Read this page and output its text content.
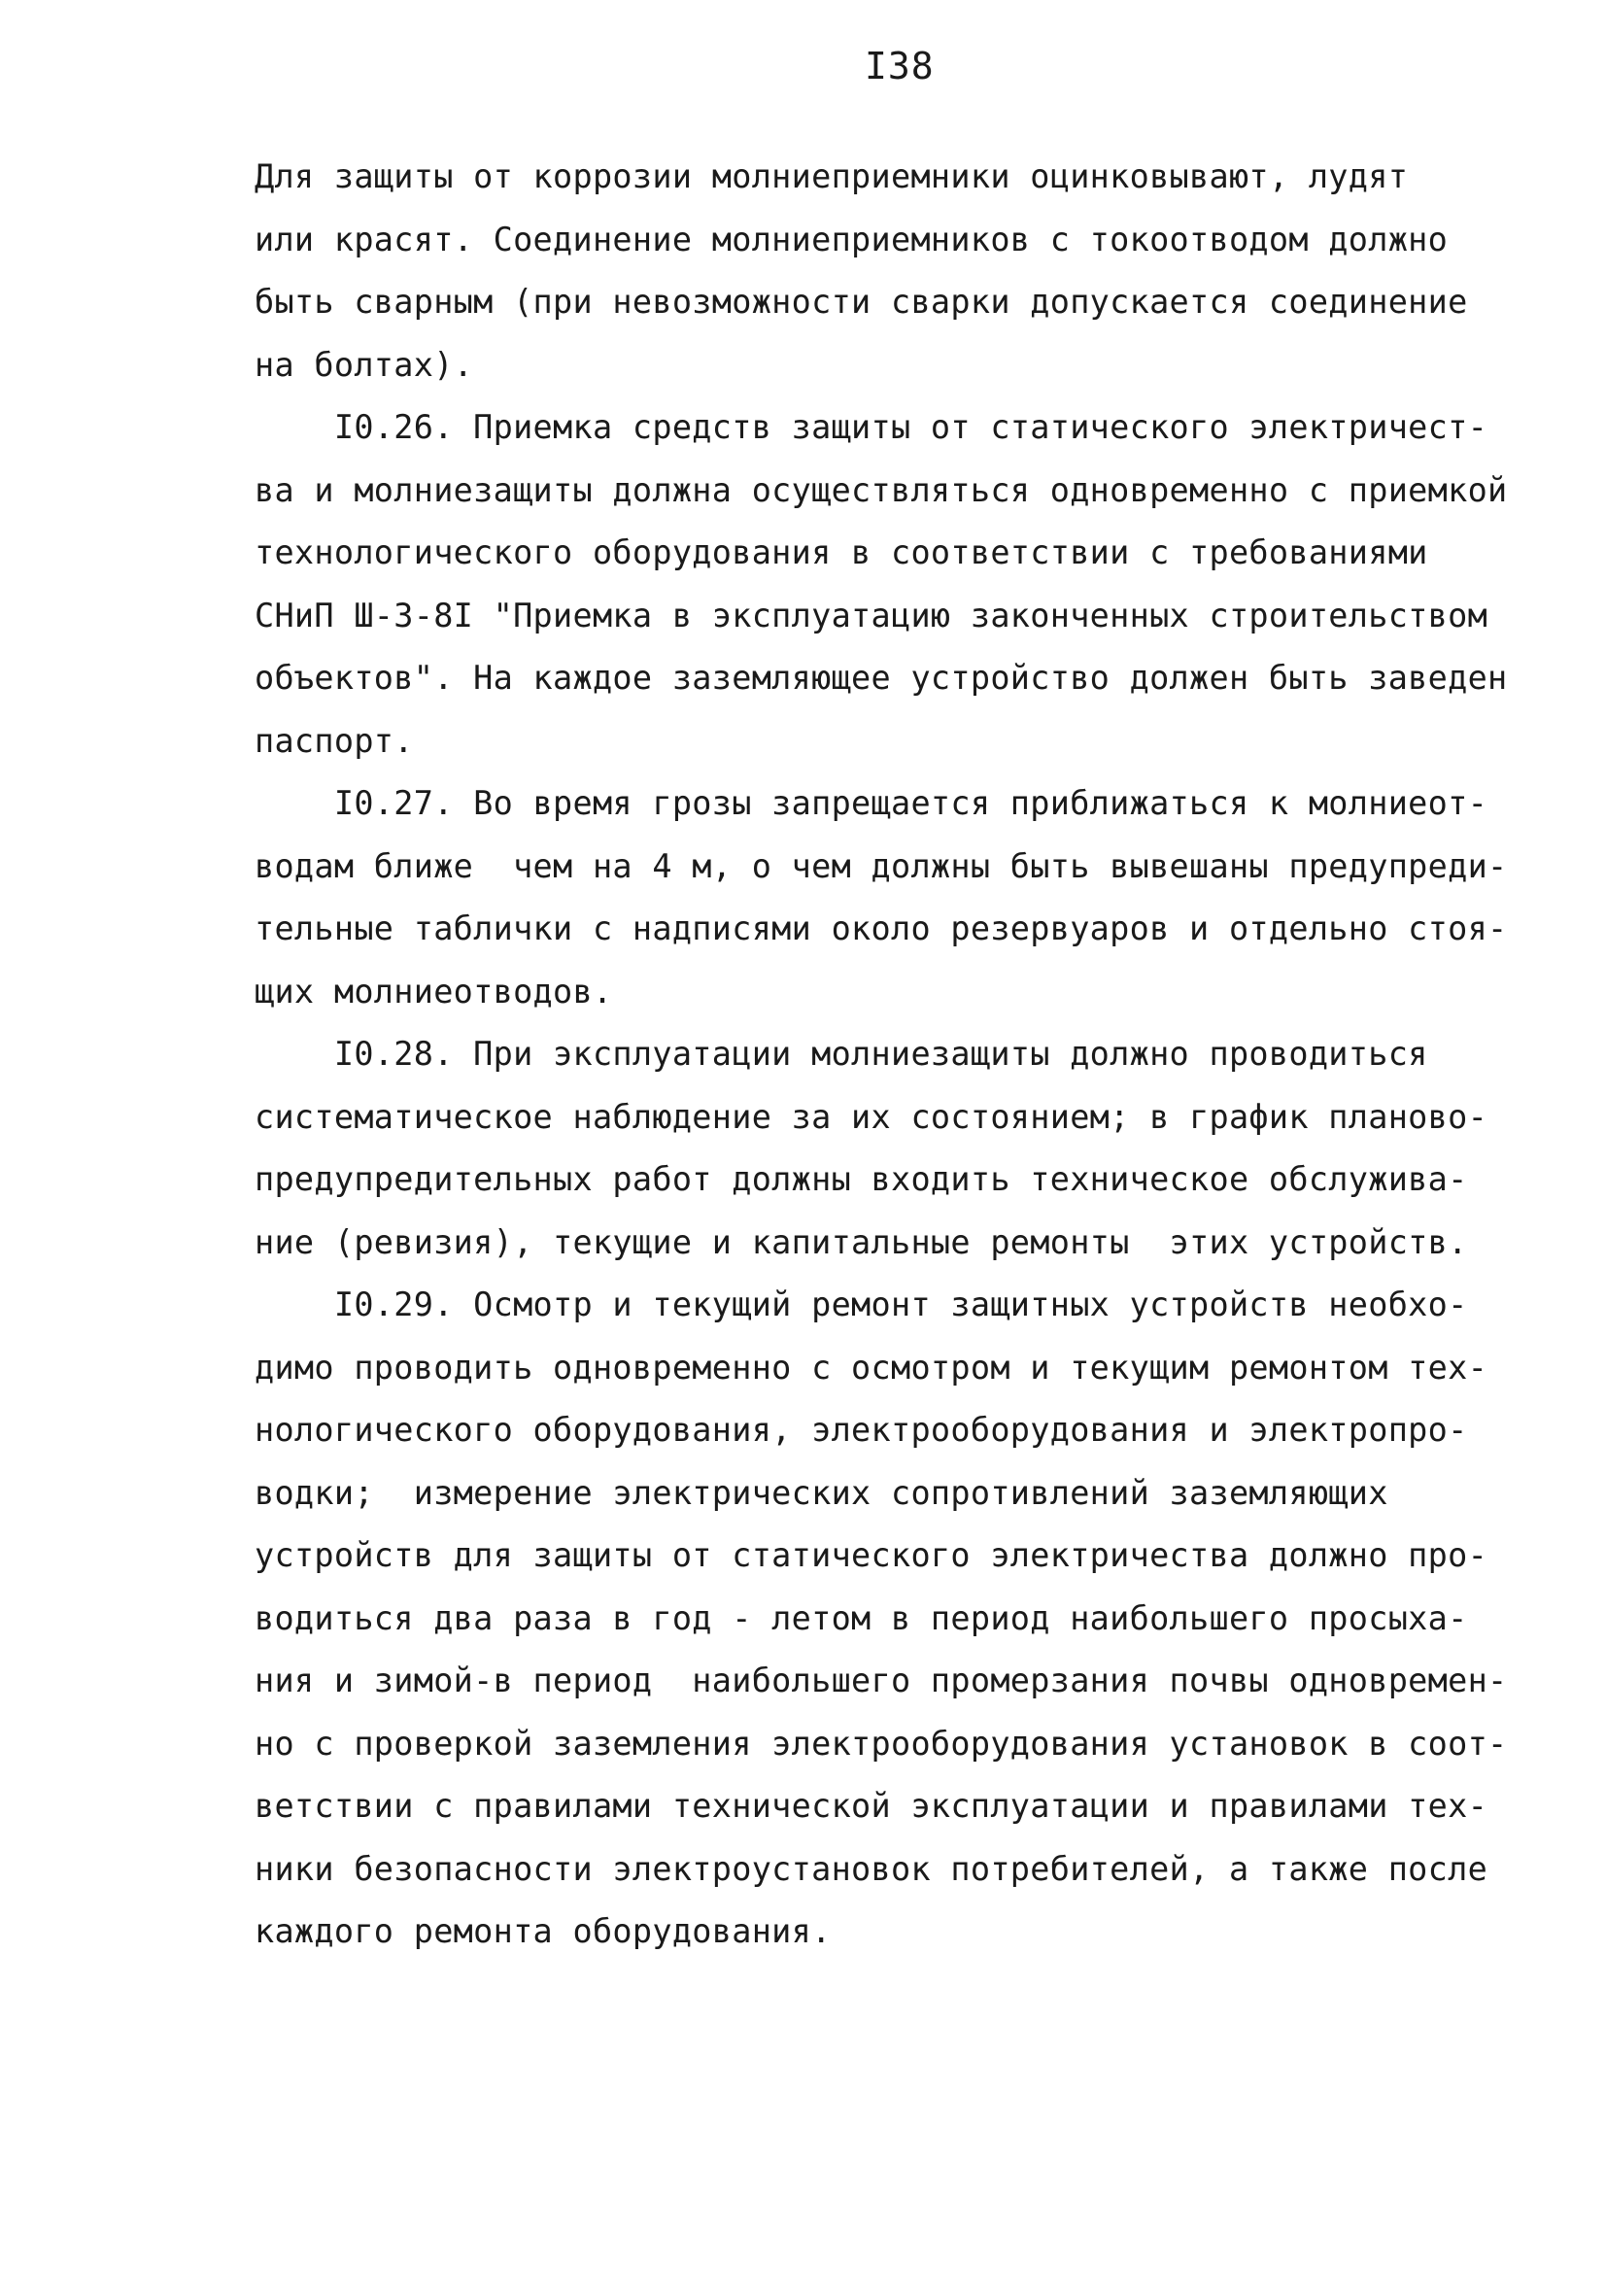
I38
Для защиты от коррозии молниеприемники оцинковывают, лудят
или красят. Соединение молниеприемников с токоотводом должно
быть сварным (при невозможности сварки допускается соединение
на болтах).
I0.26. Приемка средств защиты от статического электричест-
ва и молниезащиты должна осуществляться одновременно с приемкой
технологического оборудования в соответствии с требованиями
СНиП Ш-3-8I "Приемка в эксплуатацию законченных строительством
объектов". На каждое заземляющее устройство должен быть заведен
паспорт.
I0.27. Во время грозы запрещается приближаться к молниеот-
водам ближе  чем на 4 м, о чем должны быть вывешаны предупреди-
тельные таблички с надписями около резервуаров и отдельно стоя-
щих молниеотводов.
I0.28. При эксплуатации молниезащиты должно проводиться
систематическое наблюдение за их состоянием; в график планово-
предупредительных работ должны входить техническое обслужива-
ние (ревизия), текущие и капитальные ремонты  этих устройств.
I0.29. Осмотр и текущий ремонт защитных устройств необхо-
димо проводить одновременно с осмотром и текущим ремонтом тех-
нологического оборудования, электрооборудования и электропро-
водки;  измерение электрических сопротивлений заземляющих
устройств для защиты от статического электричества должно про-
водиться два раза в год - летом в период наибольшего просыха-
ния и зимой-в период  наибольшего промерзания почвы одновремен-
но с проверкой заземления электрооборудования установок в соот-
ветствии с правилами технической эксплуатации и правилами тех-
ники безопасности электроустановок потребителей, а также после
каждого ремонта оборудования.
